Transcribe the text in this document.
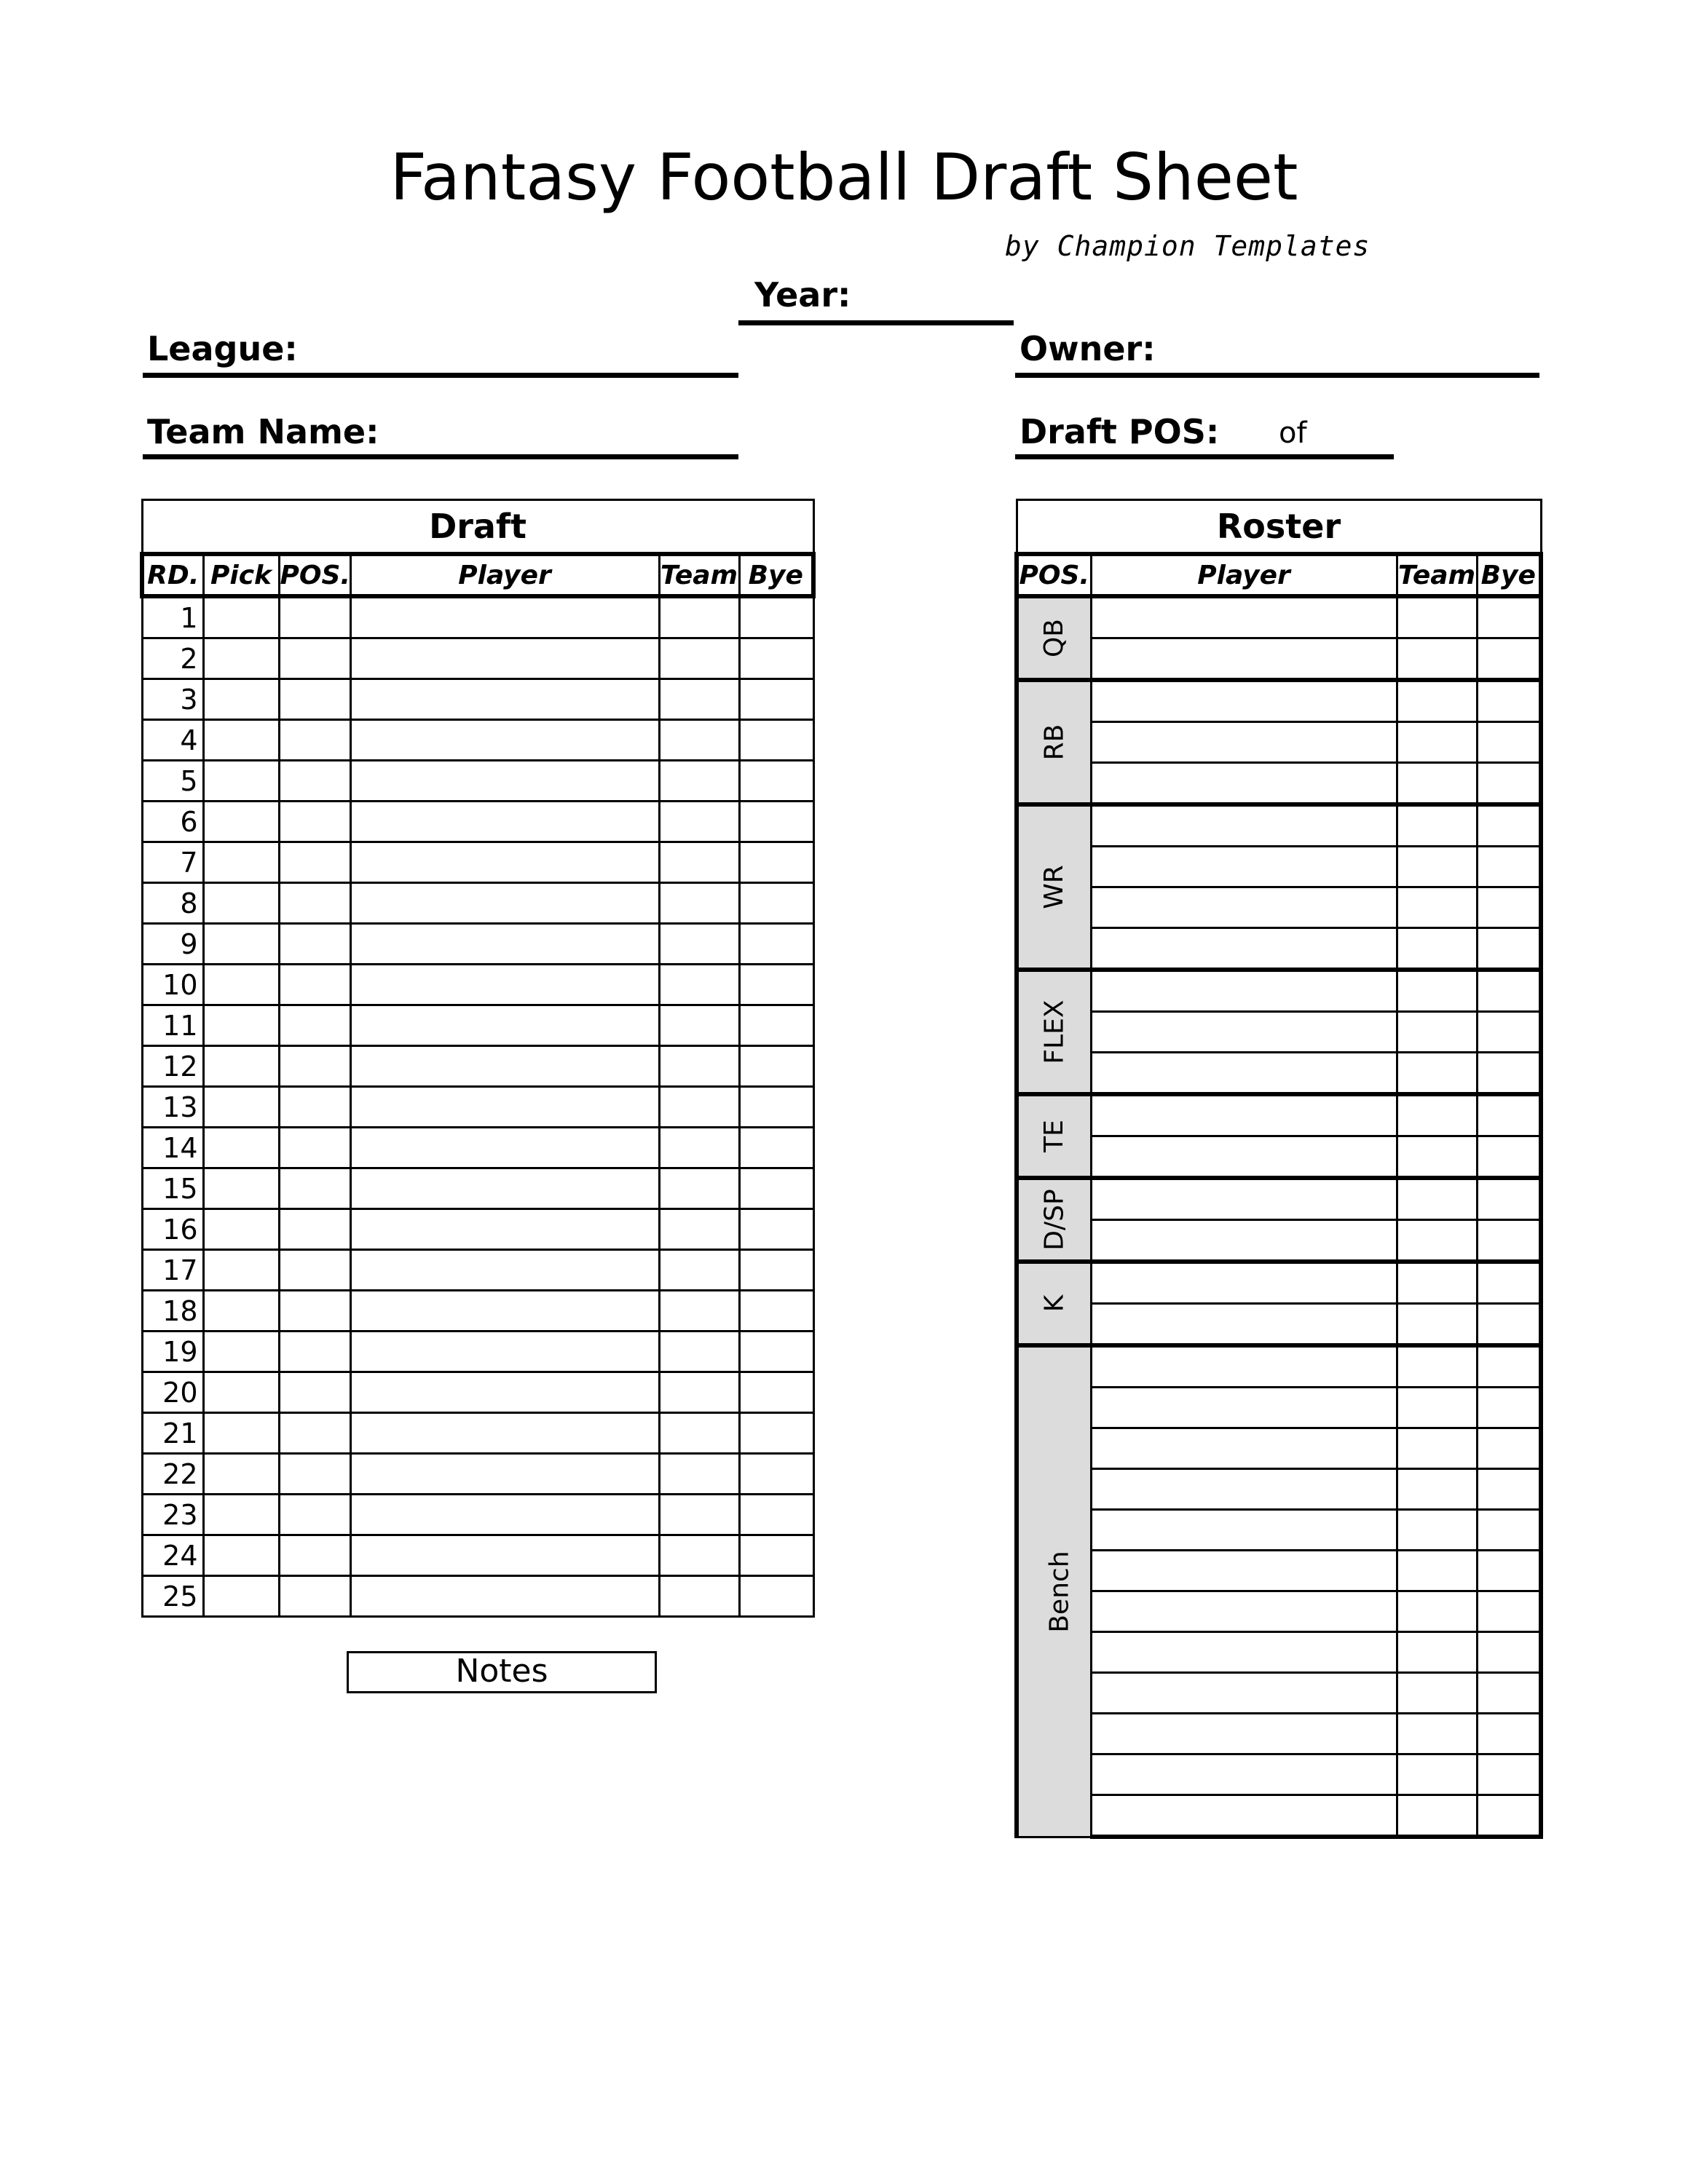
Fantasy Football Draft Sheet
by Champion Templates
Year:
League:	Owner:
Team Name:	Draft POS: of
Draft					
RD.	Pick	POS.	Player	Team	Bye
1					
2					
3					
4					
5					
6					
7					
8					
9					
10					
11					
12					
13					
14					
15					
16					
17					
18					
19					
20					
21					
22					
23					
24					
25					
Notes
Roster			
POS.	Player	Team	Bye
QB			

RB			

WR			

FLEX			

TE			

D/SP			

K			

Bench			
